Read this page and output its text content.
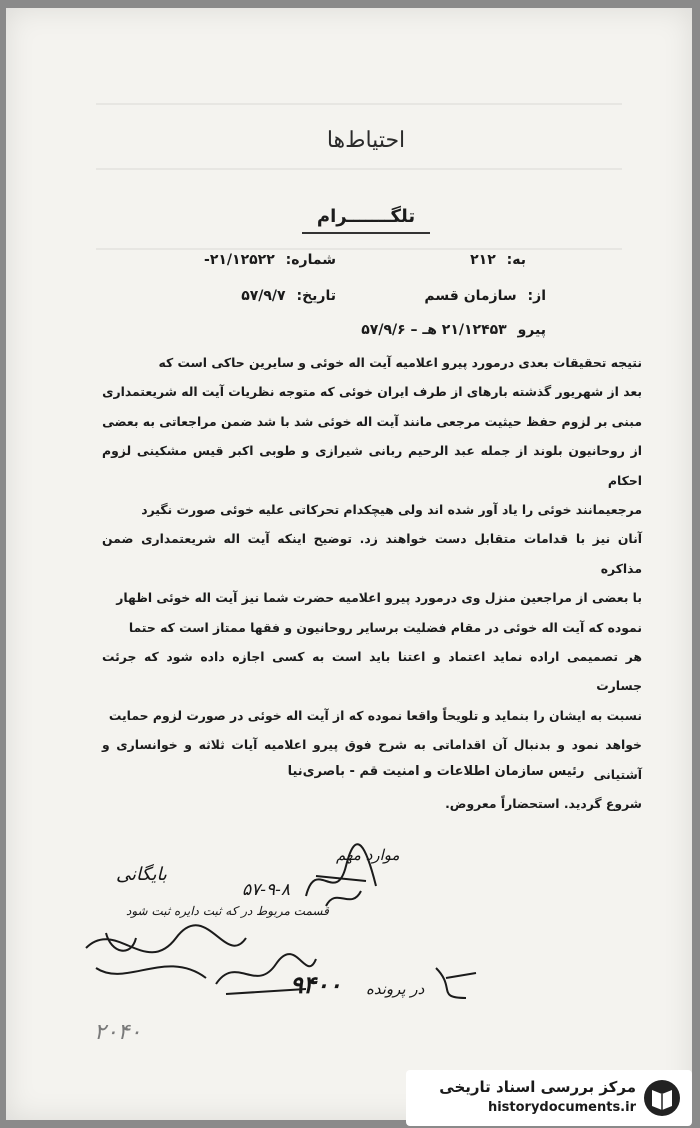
احتیاط‌ها
تلگـــــــرام
به: ۲۱۲
شماره: ۲۱/۱۲۵۲۲-
از: سازمان قسم
تاریخ: ۵۷/۹/۷
پیرو ۲۱/۱۲۴۵۳ هـ – ۵۷/۹/۶

نتیجه تحقیقات بعدی درمورد پیرو اعلامیه آیت اله خوئی و سایرین حاکی است که

بعد از شهریور گذشته بارهای از طرف ایران خوئی که متوجه نظریات آیت اله شریعتمداری

مبنی بر لزوم حفظ حیثیت مرجعی مانند آیت اله خوئی شد با شد ضمن مراجعاتی به بعضی

از روحانیون بلوند از جمله عبد الرحیم ربانی شیرازی و طوبی اکبر قیس مشکینی لزوم احکام

مرجعیمانند خوئی را یاد آور شده اند ولی هیچکدام تحرکاتی علیه خوئی صورت نگیرد

آنان نیز با قدامات متقابل دست خواهند زد. توضیح اینکه آیت اله شریعتمداری ضمن مذاکره

با بعضی از مراجعین منزل وی درمورد پیرو اعلامیه حضرت شما نیز آیت اله خوئی اظهار

نموده که آیت اله خوئی در مقام فضلیت برسایر روحانیون و فقها ممتاز است که حتما

هر تصمیمی اراده نماید اعتماد و اعتنا باید است به کسی اجازه داده شود که جرئت جسارت

نسبت به ایشان را بنماید و تلویحاً واقعا نموده که از آیت اله خوئی در صورت لزوم حمایت

خواهد نمود و بدنبال آن اقداماتی به شرح فوق پیرو اعلامیه آیات ثلاثه و خوانساری و آشتیانی

شروع گردید. استحضاراً معروض.

رئیس سازمان اطلاعات و امنیت قم - باصری‌نیا
موارد مهم
۵۷-۹-۸
قسمت مربوط در که ثبت دایره ثبت شود
بایگانی
۹۴۰۰ در پرونده
۲۰۴۰
مرکز بررسی اسناد تاریخی
historydocuments.ir
